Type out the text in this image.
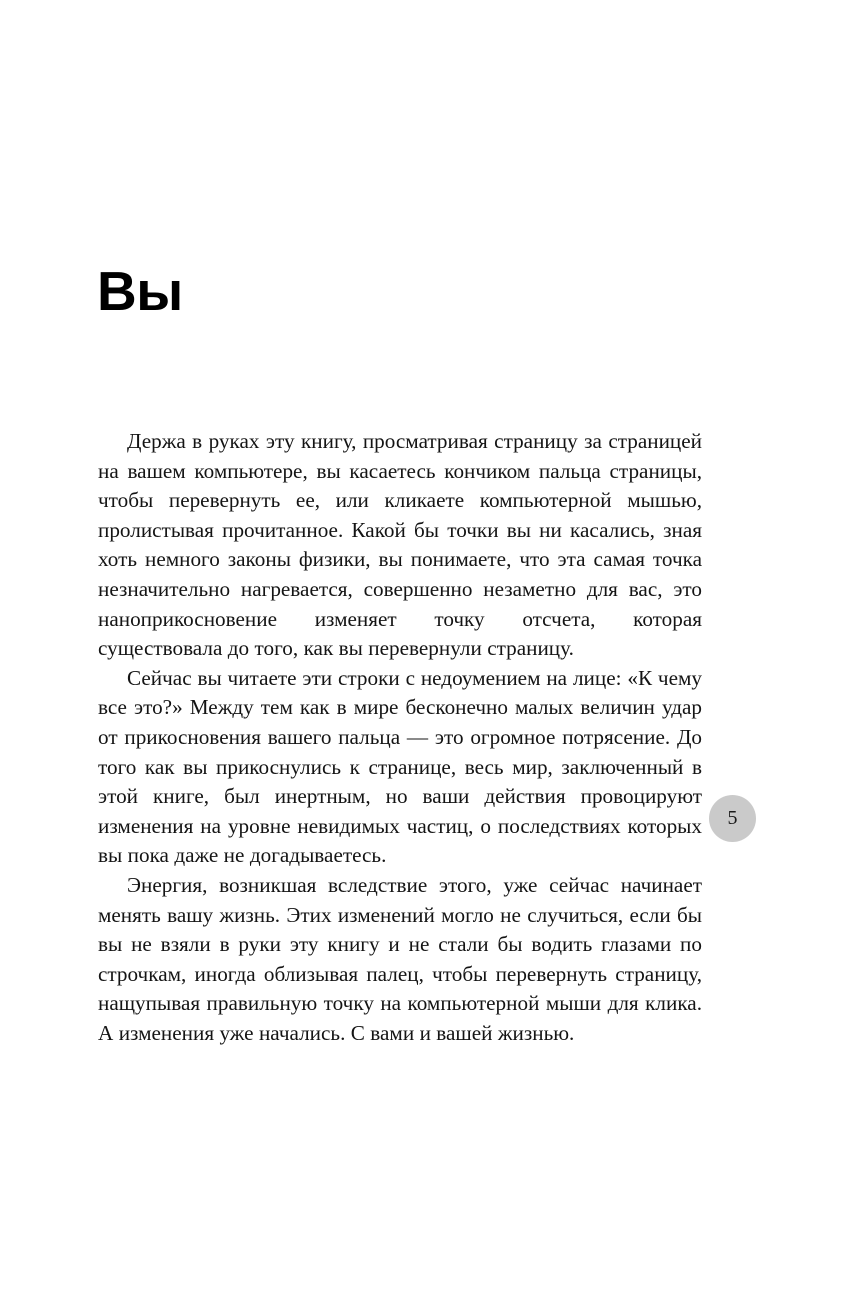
Вы

Держа в руках эту книгу, просматривая страницу за страницей на вашем компьютере, вы касаетесь кончиком пальца страницы, чтобы перевернуть ее, или кликаете компьютерной мышью, пролистывая прочитанное. Какой бы точки вы ни касались, зная хоть немного законы физики, вы понимаете, что эта самая точка незначительно нагревается, совершенно незаметно для вас, это наноприкосновение изменяет точку отсчета, которая существовала до того, как вы перевернули страницу.

Сейчас вы читаете эти строки с недоумением на лице: «К чему все это?» Между тем как в мире бесконечно малых величин удар от прикосновения вашего пальца — это огромное потрясение. До того как вы прикоснулись к странице, весь мир, заключенный в этой книге, был инертным, но ваши действия провоцируют изменения на уровне невидимых частиц, о последствиях которых вы пока даже не догадываетесь.

Энергия, возникшая вследствие этого, уже сейчас начинает менять вашу жизнь. Этих изменений могло не случиться, если бы вы не взяли в руки эту книгу и не стали бы водить глазами по строчкам, иногда облизывая палец, чтобы перевернуть страницу, нащупывая правильную точку на компьютерной мыши для клика. А изменения уже начались. С вами и вашей жизнью.

5
